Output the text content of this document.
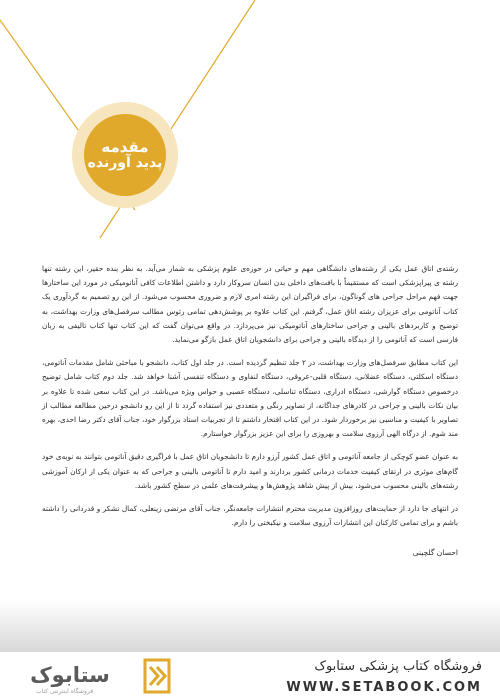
مقدمه
پدید آورنده

رشته‌ی اتاق عمل یکی از رشته‌های دانشگاهی مهم و حیاتی در حوزه‌ی علوم پزشکی به شمار می‌آید. به نظر بنده حقیر، این رشته تنها رشته ی پیراپزشکی است که مستقیماً با بافت‌های داخلی بدن انسان سروکار دارد و داشتن اطلاعات کافی آناتومیکی در مورد این ساختارها جهت فهم مراحل جراحی های گوناگون، برای فراگیران این رشته امری لازم و ضروری محسوب می‌شود. از این رو تصمیم به گردآوری یک کتاب آناتومی برای عزیزان رشته اتاق عمل، گرفتم. این کتاب علاوه بر پوشش‌دهی تمامی رئوس مطالب سرفصل‌های وزارت بهداشت، به توضیح و کاربردهای بالینی و جراحی ساختارهای آناتومیکی نیز می‌پردازد. در واقع می‌توان گفت که این کتاب تنها کتاب تالیفی به زبان فارسی است که آناتومی را از دیدگاه بالینی و جراحی برای دانشجویان اتاق عمل بازگو می‌نماید.

این کتاب مطابق سرفصل‌های وزارت بهداشت، در ۲ جلد تنظیم گردیده است. در جلد اول کتاب، دانشجو با مباحثی شامل مقدمات آناتومی، دستگاه اسکلتی، دستگاه عضلانی، دستگاه قلبی-عروقی، دستگاه لنفاوی و دستگاه تنفسی آشنا خواهد شد. جلد دوم کتاب شامل توضیح درخصوص دستگاه گوارشی، دستگاه ادراری، دستگاه تناسلی، دستگاه عصبی و حواس ویژه می‌باشد. در این کتاب سعی شده تا علاوه بر بیان نکات بالینی و جراحی در کادرهای جداگانه، از تصاویر رنگی و متعددی نیز استفاده گردد تا از این رو دانشجو درحین مطالعه مطالب از تصاویر با کیفیت و مناسبی نیز برخوردار شود. در این کتاب افتخار داشتم تا از تجربیات استاد بزرگوار خود، جناب آقای دکتر رضا احدی، بهره مند شوم. از درگاه الهی آرزوی سلامت و بهروزی را برای این عزیز بزرگوار خواستارم.

به عنوان عضو کوچکی از جامعه آناتومی و اتاق عمل کشور آرزو دارم تا دانشجویان اتاق عمل با فراگیری دقیق آناتومی بتوانند به نوبه‌ی خود گام‌های موثری در ارتقای کیفیت خدمات درمانی کشور بردارند و امید دارم تا آناتومی بالینی و جراحی که به عنوان یکی از ارکان آموزشی رشته‌های بالینی محسوب می‌شود، بیش از پیش شاهد پژوهش‌ها و پیشرفت‌های علمی در سطح کشور باشد.

در انتهای جا دارد از حمایت‌های روزافزون مدیریت محترم انتشارات جامعه‌نگر، جناب آقای مرتضی زینعلی، کمال تشکر و قدردانی را داشته باشم و برای تمامی کارکنان این انتشارات آرزوی سلامت و نیکبختی را دارم.

احسان گلچینی

ستابوک
فروشگاه اینترنتی کتاب
فروشگاه کتاب پزشکی ستابوک
WWW.SETABOOK.COM
